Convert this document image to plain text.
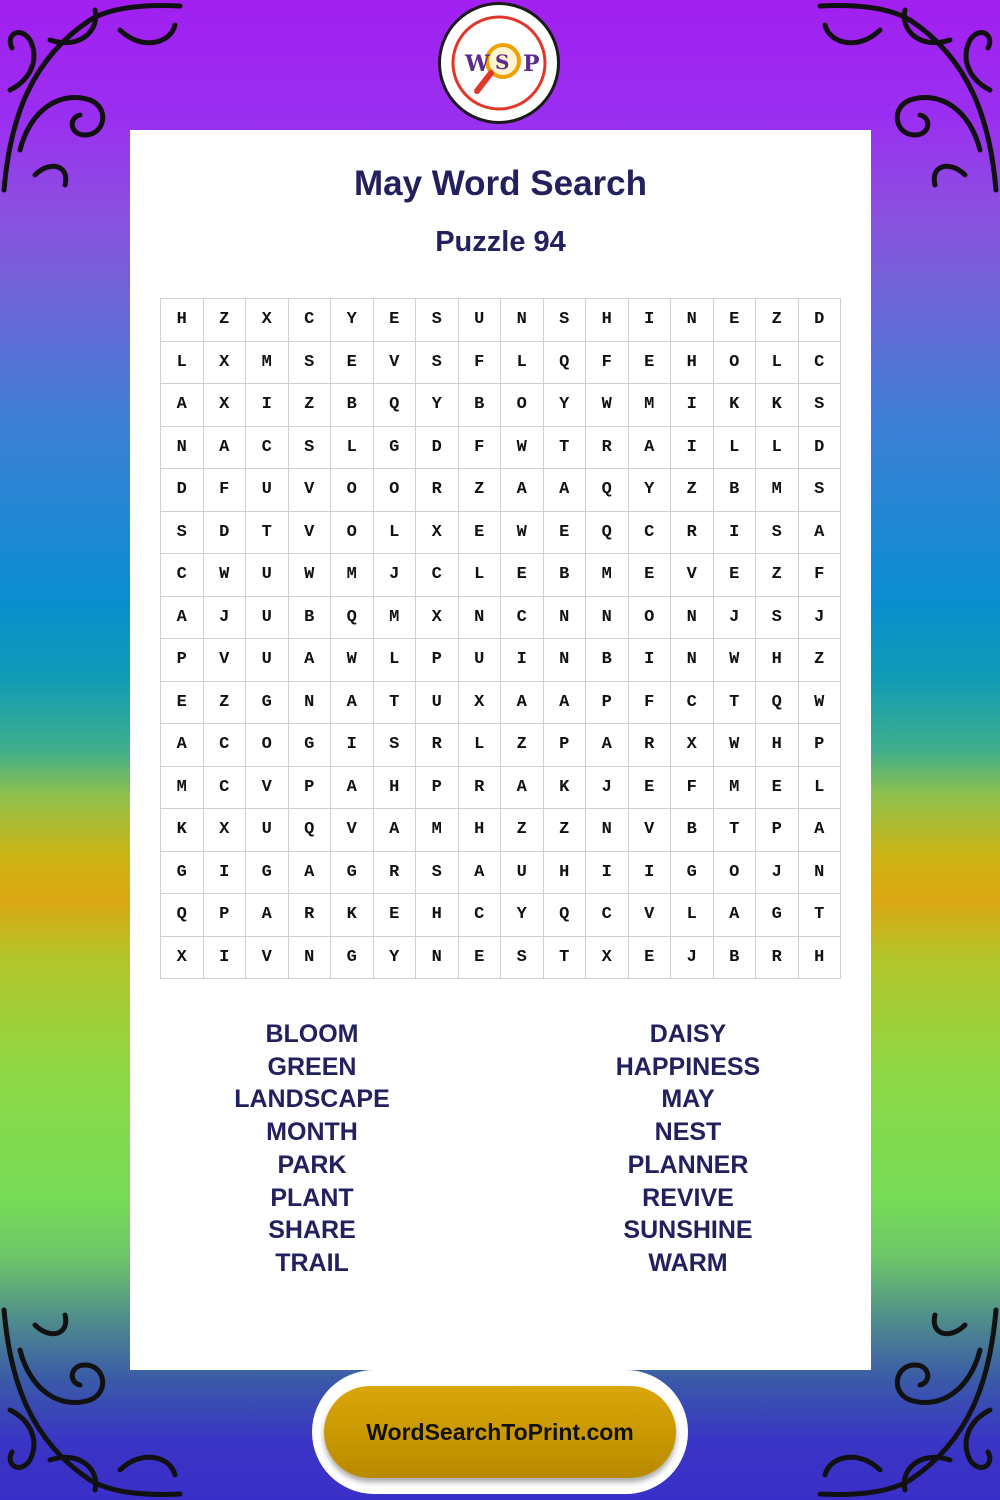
W S P
May Word Search
Puzzle 94
H	Z	X	C	Y	E	S	U	N	S	H	I	N	E	Z	D
L	X	M	S	E	V	S	F	L	Q	F	E	H	O	L	C
A	X	I	Z	B	Q	Y	B	O	Y	W	M	I	K	K	S
N	A	C	S	L	G	D	F	W	T	R	A	I	L	L	D
D	F	U	V	O	O	R	Z	A	A	Q	Y	Z	B	M	S
S	D	T	V	O	L	X	E	W	E	Q	C	R	I	S	A
C	W	U	W	M	J	C	L	E	B	M	E	V	E	Z	F
A	J	U	B	Q	M	X	N	C	N	N	O	N	J	S	J
P	V	U	A	W	L	P	U	I	N	B	I	N	W	H	Z
E	Z	G	N	A	T	U	X	A	A	P	F	C	T	Q	W
A	C	O	G	I	S	R	L	Z	P	A	R	X	W	H	P
M	C	V	P	A	H	P	R	A	K	J	E	F	M	E	L
K	X	U	Q	V	A	M	H	Z	Z	N	V	B	T	P	A
G	I	G	A	G	R	S	A	U	H	I	I	G	O	J	N
Q	P	A	R	K	E	H	C	Y	Q	C	V	L	A	G	T
X	I	V	N	G	Y	N	E	S	T	X	E	J	B	R	H
BLOOM
GREEN
LANDSCAPE
MONTH
PARK
PLANT
SHARE
TRAIL
DAISY
HAPPINESS
MAY
NEST
PLANNER
REVIVE
SUNSHINE
WARM
WordSearchToPrint.com
